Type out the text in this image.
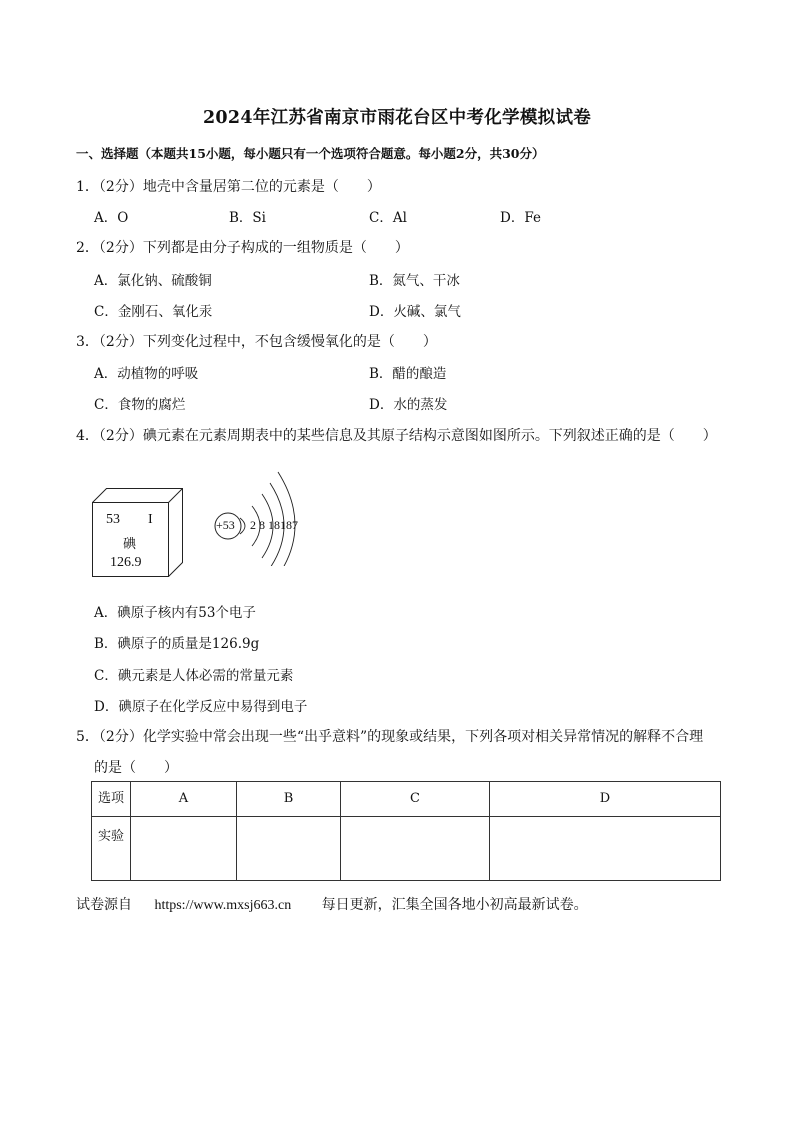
2024年江苏省南京市雨花台区中考化学模拟试卷
一、选择题（本题共15小题，每小题只有一个选项符合题意。每小题2分，共30分）
1．（2分）地壳中含量居第二位的元素是（　　）
A．O	B．Si	C．Al	D．Fe
2．（2分）下列都是由分子构成的一组物质是（　　）
A．氯化钠、硫酸铜	B．氮气、干冰
C．金刚石、氧化汞	D．火碱、氯气
3．（2分）下列变化过程中，不包含缓慢氧化的是（　　）
A．动植物的呼吸	B．醋的酿造
C．食物的腐烂	D．水的蒸发
4．（2分）碘元素在元素周期表中的某些信息及其原子结构示意图如图所示。下列叙述正确的是（　　）
53 I
碘
126.9
+53 2 8 18187
A．碘原子核内有53个电子
B．碘原子的质量是126.9g
C．碘元素是人体必需的常量元素
D．碘原子在化学反应中易得到电子
5．（2分）化学实验中常会出现一些“出乎意料”的现象或结果，下列各项对相关异常情况的解释不合理
的是（　　）
选项	A	B	C	D
实验				
试卷源自 https://www.mxsj663.cn 每日更新，汇集全国各地小初高最新试卷。
